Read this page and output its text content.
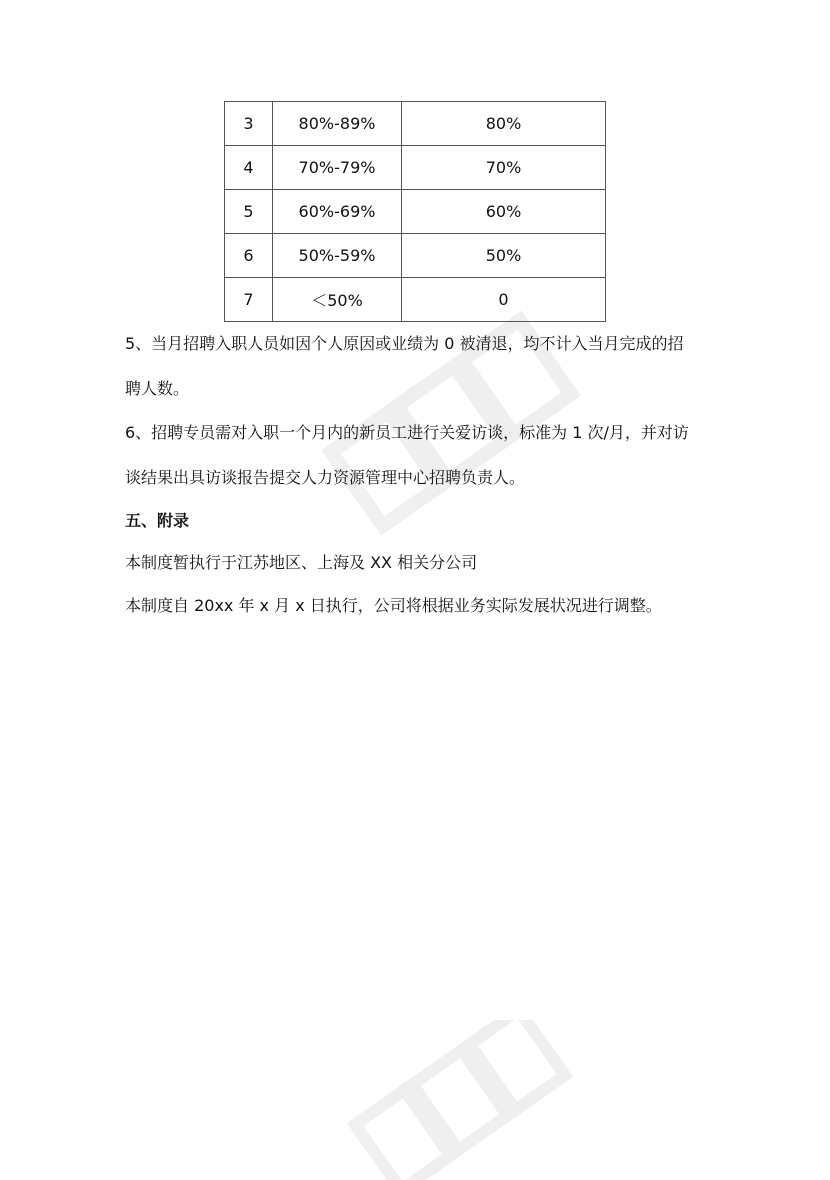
3	80%-89%	80%
4	70%-79%	70%
5	60%-69%	60%
6	50%-59%	50%
7	＜50%	0
5、当月招聘入职人员如因个人原因或业绩为 0 被清退，均不计入当月完成的招
聘人数。
6、招聘专员需对入职一个月内的新员工进行关爱访谈，标准为 1 次/月，并对访
谈结果出具访谈报告提交人力资源管理中心招聘负责人。
五、附录
本制度暂执行于江苏地区、上海及 XX 相关分公司
本制度自 20xx 年 x 月 x 日执行，公司将根据业务实际发展状况进行调整。
